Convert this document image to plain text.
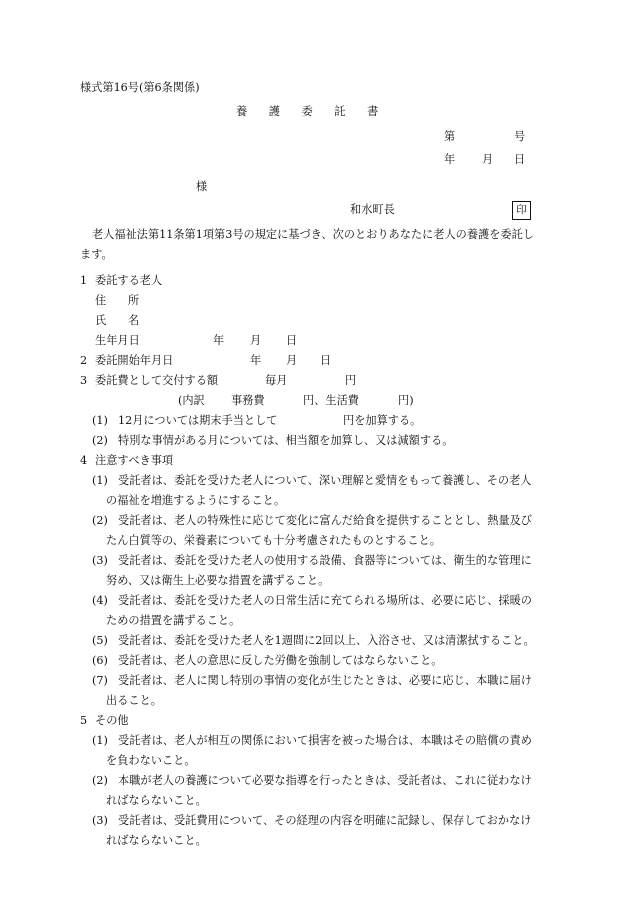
様式第16号(第6条関係)
養 護 委 託 書
第	号
年 月 日
様
和水町長	印
老人福祉法第11条第1項第3号の規定に基づき、次のとおりあなたに老人の養護を委託し
ます。
1 委託する老人
住 所
氏 名
生年月日	年 月 日
2 委託開始年月日	年 月 日
3 委託費として交付する額	毎月	円
(内訳 事務費	円、生活費	円)
(1) 12月については期末手当として	円を加算する。
(2) 特別な事情がある月については、相当額を加算し、又は減額する。
4 注意すべき事項
(1) 受託者は、委託を受けた老人について、深い理解と愛情をもって養護し、その老人
の福祉を増進するようにすること。
(2) 受託者は、老人の特殊性に応じて変化に富んだ給食を提供することとし、熱量及び
たん白質等の、栄養素についても十分考慮されたものとすること。
(3) 受託者は、委託を受けた老人の使用する設備、食器等については、衛生的な管理に
努め、又は衛生上必要な措置を講ずること。
(4) 受託者は、委託を受けた老人の日常生活に充てられる場所は、必要に応じ、採暖の
ための措置を講ずること。
(5) 受託者は、委託を受けた老人を1週間に2回以上、入浴させ、又は清潔拭すること。
(6) 受託者は、老人の意思に反した労働を強制してはならないこと。
(7) 受託者は、老人に関し特別の事情の変化が生じたときは、必要に応じ、本職に届け
出ること。
5 その他
(1) 受託者は、老人が相互の関係において損害を被った場合は、本職はその賠償の責め
を負わないこと。
(2) 本職が老人の養護について必要な指導を行ったときは、受託者は、これに従わなけ
ればならないこと。
(3) 受託者は、受託費用について、その経理の内容を明確に記録し、保存しておかなけ
ればならないこと。
